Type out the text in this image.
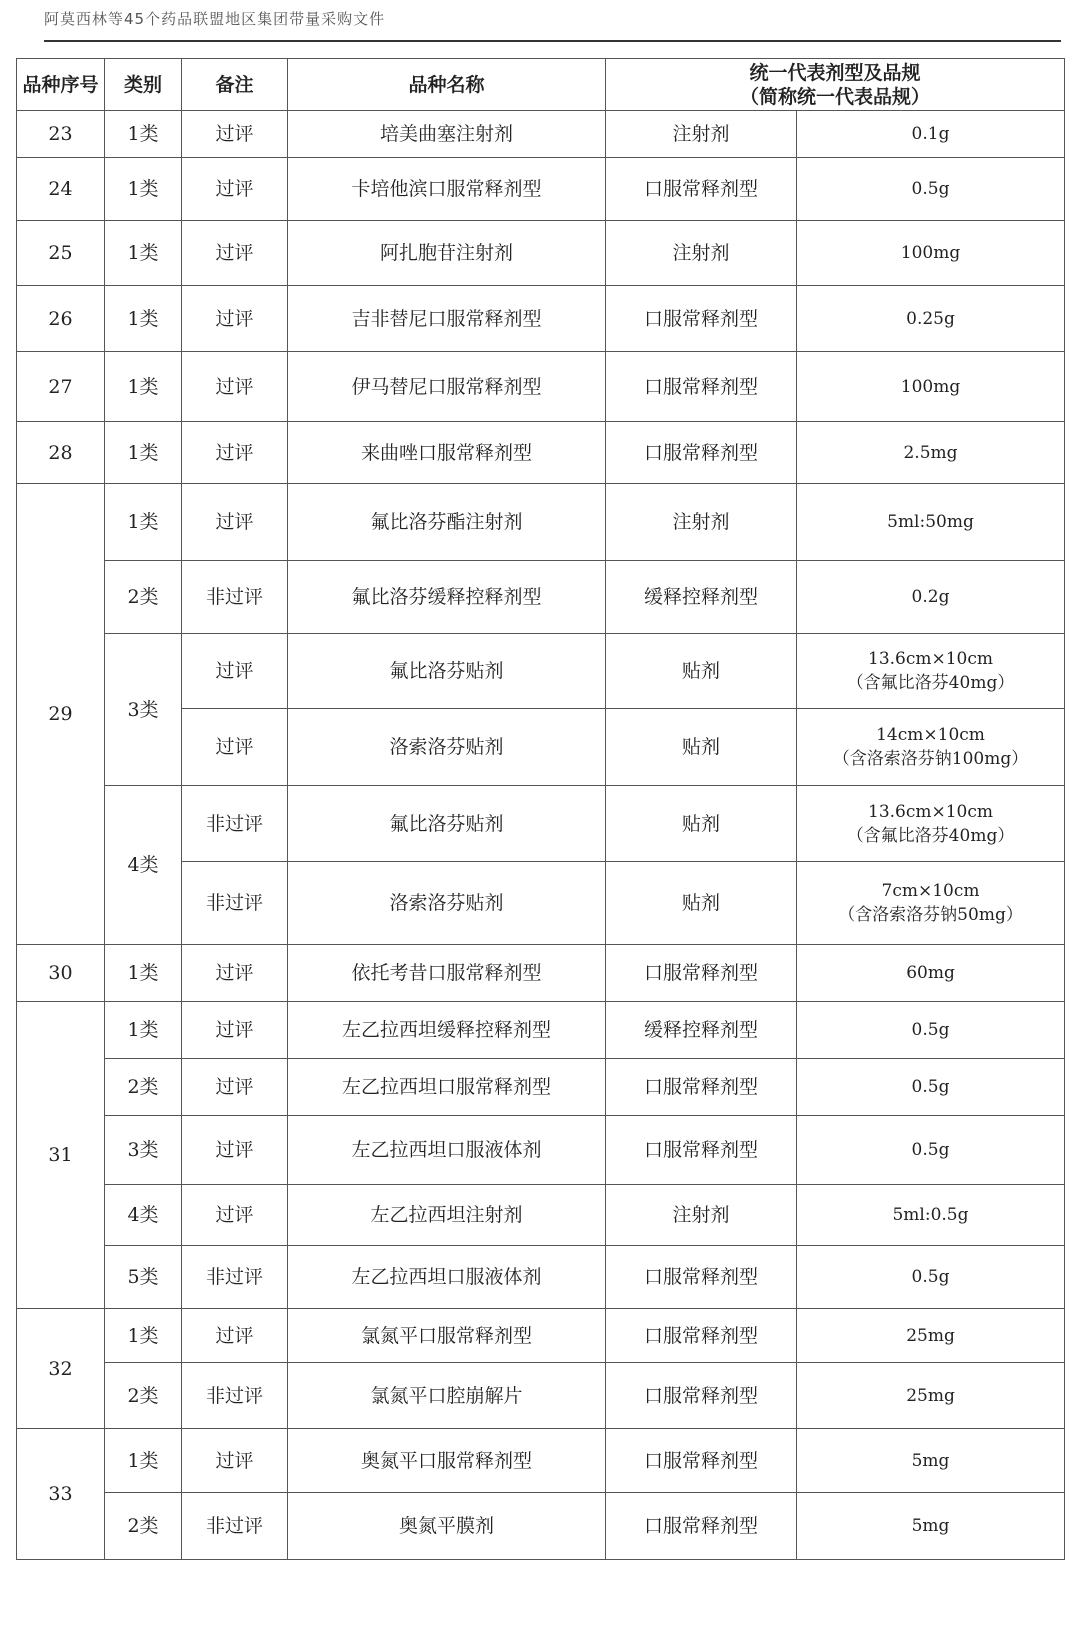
阿莫西林等45个药品联盟地区集团带量采购文件
品种序号	类别	备注	品种名称	统一代表剂型及品规
（简称统一代表品规）	

23	1类	过评	培美曲塞注射剂	注射剂	0.1g
24	1类	过评	卡培他滨口服常释剂型	口服常释剂型	0.5g
25	1类	过评	阿扎胞苷注射剂	注射剂	100mg
26	1类	过评	吉非替尼口服常释剂型	口服常释剂型	0.25g
27	1类	过评	伊马替尼口服常释剂型	口服常释剂型	100mg
28	1类	过评	来曲唑口服常释剂型	口服常释剂型	2.5mg
29	1类	过评	氟比洛芬酯注射剂	注射剂	5ml:50mg
	2类	非过评	氟比洛芬缓释控释剂型	缓释控释剂型	0.2g
	3类	过评	氟比洛芬贴剂	贴剂	13.6cm×10cm
（含氟比洛芬40mg）

		过评	洛索洛芬贴剂	贴剂	14cm×10cm
（含洛索洛芬钠100mg）

	4类	非过评	氟比洛芬贴剂	贴剂	13.6cm×10cm
（含氟比洛芬40mg）

		非过评	洛索洛芬贴剂	贴剂	7cm×10cm
（含洛索洛芬钠50mg）

30	1类	过评	依托考昔口服常释剂型	口服常释剂型	60mg
31	1类	过评	左乙拉西坦缓释控释剂型	缓释控释剂型	0.5g
	2类	过评	左乙拉西坦口服常释剂型	口服常释剂型	0.5g
	3类	过评	左乙拉西坦口服液体剂	口服常释剂型	0.5g
	4类	过评	左乙拉西坦注射剂	注射剂	5ml:0.5g
	5类	非过评	左乙拉西坦口服液体剂	口服常释剂型	0.5g
32	1类	过评	氯氮平口服常释剂型	口服常释剂型	25mg
	2类	非过评	氯氮平口腔崩解片	口服常释剂型	25mg
33	1类	过评	奥氮平口服常释剂型	口服常释剂型	5mg
	2类	非过评	奥氮平膜剂	口服常释剂型	5mg
